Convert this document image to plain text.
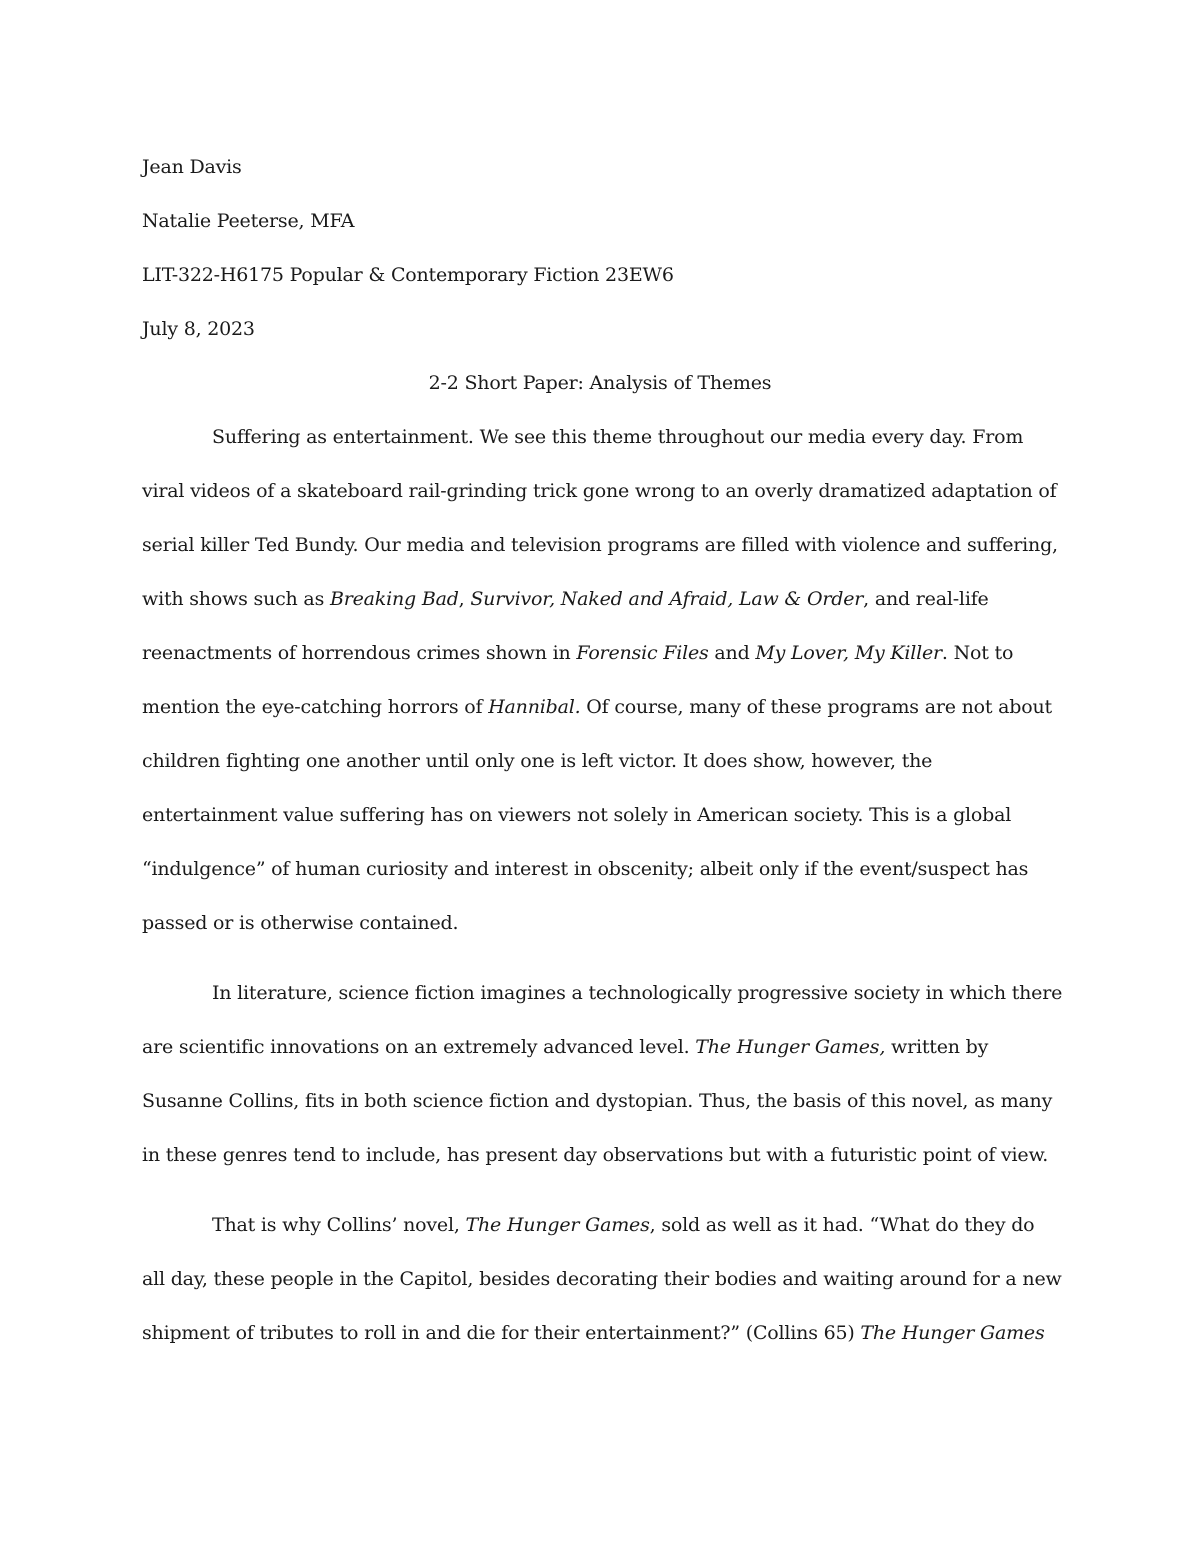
Jean Davis
Natalie Peeterse, MFA
LIT-322-H6175 Popular & Contemporary Fiction 23EW6
July 8, 2023
2-2 Short Paper: Analysis of Themes
Suffering as entertainment. We see this theme throughout our media every day. From
viral videos of a skateboard rail-grinding trick gone wrong to an overly dramatized adaptation of
serial killer Ted Bundy. Our media and television programs are filled with violence and suffering,
with shows such as Breaking Bad, Survivor, Naked and Afraid, Law & Order, and real-life
reenactments of horrendous crimes shown in Forensic Files and My Lover, My Killer. Not to
mention the eye-catching horrors of Hannibal. Of course, many of these programs are not about
children fighting one another until only one is left victor. It does show, however, the
entertainment value suffering has on viewers not solely in American society. This is a global
“indulgence” of human curiosity and interest in obscenity; albeit only if the event/suspect has
passed or is otherwise contained.
In literature, science fiction imagines a technologically progressive society in which there
are scientific innovations on an extremely advanced level. The Hunger Games, written by
Susanne Collins, fits in both science fiction and dystopian. Thus, the basis of this novel, as many
in these genres tend to include, has present day observations but with a futuristic point of view.
That is why Collins’ novel, The Hunger Games, sold as well as it had. “What do they do
all day, these people in the Capitol, besides decorating their bodies and waiting around for a new
shipment of tributes to roll in and die for their entertainment?” (Collins 65) The Hunger Games
